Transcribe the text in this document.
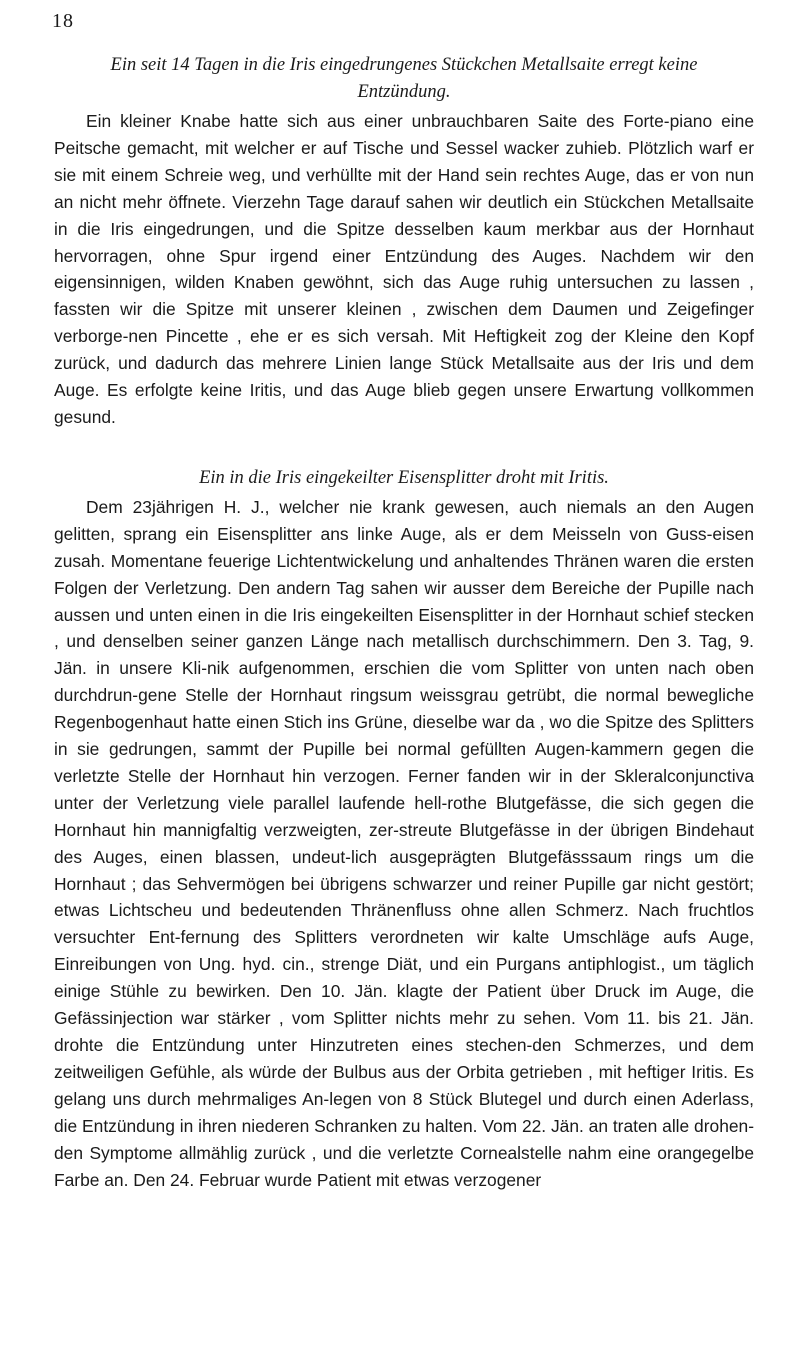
18
Ein seit 14 Tagen in die Iris eingedrungenes Stückchen Metallsaite erregt keine Entzündung.

Ein kleiner Knabe hatte sich aus einer unbrauchbaren Saite des Forte-piano eine Peitsche gemacht, mit welcher er auf Tische und Sessel wacker zuhieb. Plötzlich warf er sie mit einem Schreie weg, und verhüllte mit der Hand sein rechtes Auge, das er von nun an nicht mehr öffnete. Vierzehn Tage darauf sahen wir deutlich ein Stückchen Metallsaite in die Iris eingedrungen, und die Spitze desselben kaum merkbar aus der Hornhaut hervorragen, ohne Spur irgend einer Entzündung des Auges. Nachdem wir den eigensinnigen, wilden Knaben gewöhnt, sich das Auge ruhig untersuchen zu lassen , fassten wir die Spitze mit unserer kleinen , zwischen dem Daumen und Zeigefinger verborge-nen Pincette , ehe er es sich versah. Mit Heftigkeit zog der Kleine den Kopf zurück, und dadurch das mehrere Linien lange Stück Metallsaite aus der Iris und dem Auge. Es erfolgte keine Iritis, und das Auge blieb gegen unsere Erwartung vollkommen gesund.

Ein in die Iris eingekeilter Eisensplitter droht mit Iritis.

Dem 23jährigen H. J., welcher nie krank gewesen, auch niemals an den Augen gelitten, sprang ein Eisensplitter ans linke Auge, als er dem Meisseln von Guss-eisen zusah. Momentane feuerige Lichtentwickelung und anhaltendes Thränen waren die ersten Folgen der Verletzung. Den andern Tag sahen wir ausser dem Bereiche der Pupille nach aussen und unten einen in die Iris eingekeilten Eisensplitter in der Hornhaut schief stecken , und denselben seiner ganzen Länge nach metallisch durchschimmern. Den 3. Tag, 9. Jän. in unsere Kli-nik aufgenommen, erschien die vom Splitter von unten nach oben durchdrun-gene Stelle der Hornhaut ringsum weissgrau getrübt, die normal bewegliche Regenbogenhaut hatte einen Stich ins Grüne, dieselbe war da , wo die Spitze des Splitters in sie gedrungen, sammt der Pupille bei normal gefüllten Augen-kammern gegen die verletzte Stelle der Hornhaut hin verzogen. Ferner fanden wir in der Skleralconjunctiva unter der Verletzung viele parallel laufende hell-rothe Blutgefässe, die sich gegen die Hornhaut hin mannigfaltig verzweigten, zer-streute Blutgefässe in der übrigen Bindehaut des Auges, einen blassen, undeut-lich ausgeprägten Blutgefässsaum rings um die Hornhaut ; das Sehvermögen bei übrigens schwarzer und reiner Pupille gar nicht gestört; etwas Lichtscheu und bedeutenden Thränenfluss ohne allen Schmerz. Nach fruchtlos versuchter Ent-fernung des Splitters verordneten wir kalte Umschläge aufs Auge, Einreibungen von Ung. hyd. cin., strenge Diät, und ein Purgans antiphlogist., um täglich einige Stühle zu bewirken. Den 10. Jän. klagte der Patient über Druck im Auge, die Gefässinjection war stärker , vom Splitter nichts mehr zu sehen. Vom 11. bis 21. Jän. drohte die Entzündung unter Hinzutreten eines stechen-den Schmerzes, und dem zeitweiligen Gefühle, als würde der Bulbus aus der Orbita getrieben , mit heftiger Iritis. Es gelang uns durch mehrmaliges An-legen von 8 Stück Blutegel und durch einen Aderlass, die Entzündung in ihren niederen Schranken zu halten. Vom 22. Jän. an traten alle drohen-den Symptome allmählig zurück , und die verletzte Cornealstelle nahm eine orangegelbe Farbe an. Den 24. Februar wurde Patient mit etwas verzogener
